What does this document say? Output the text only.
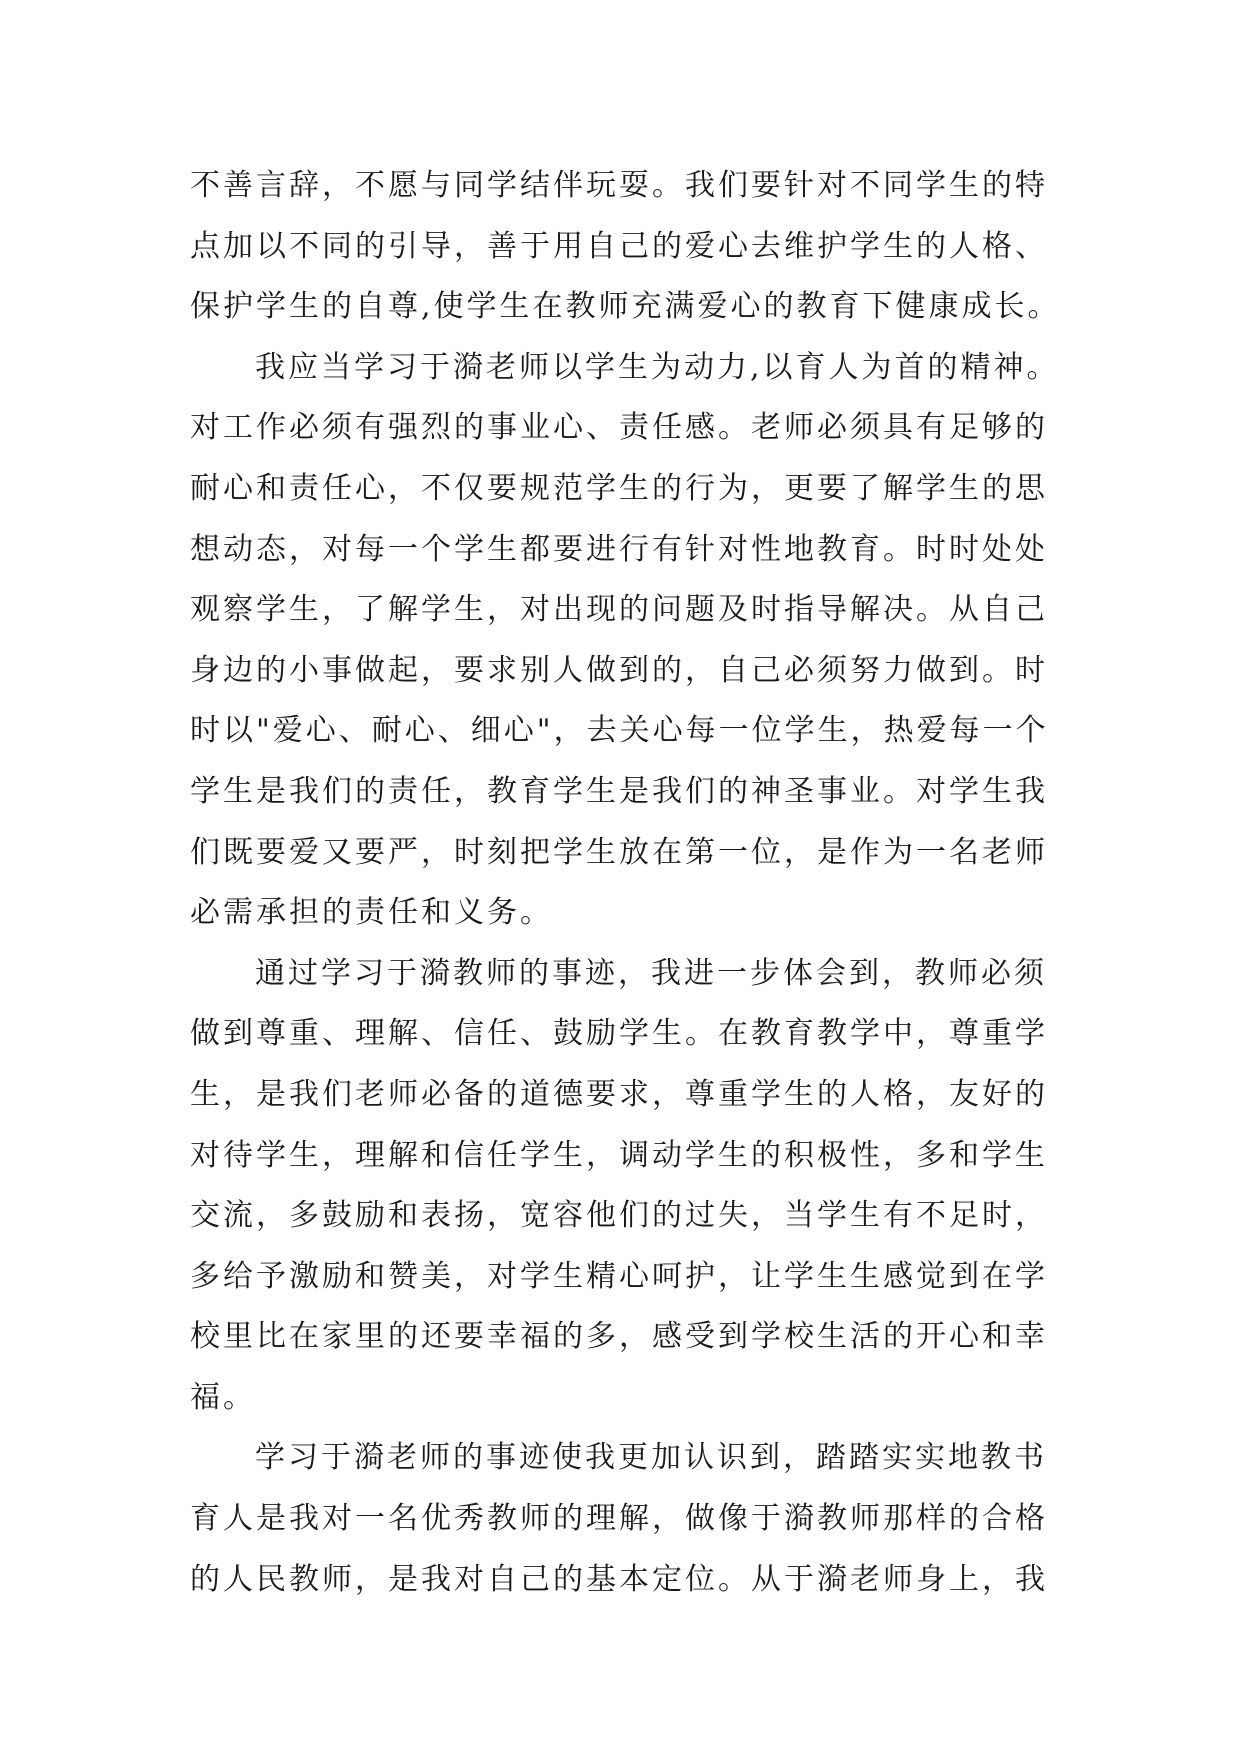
不善言辞，不愿与同学结伴玩耍。我们要针对不同学生的特
点加以不同的引导，善于用自己的爱心去维护学生的人格、
保护学生的自尊,使学生在教师充满爱心的教育下健康成长。
我应当学习于漪老师以学生为动力,以育人为首的精神。
对工作必须有强烈的事业心、责任感。老师必须具有足够的
耐心和责任心，不仅要规范学生的行为，更要了解学生的思
想动态，对每一个学生都要进行有针对性地教育。时时处处
观察学生，了解学生，对出现的问题及时指导解决。从自己
身边的小事做起，要求别人做到的，自己必须努力做到。时
时以"爱心、耐心、细心"，去关心每一位学生，热爱每一个
学生是我们的责任，教育学生是我们的神圣事业。对学生我
们既要爱又要严，时刻把学生放在第一位，是作为一名老师
必需承担的责任和义务。
通过学习于漪教师的事迹，我进一步体会到，教师必须
做到尊重、理解、信任、鼓励学生。在教育教学中，尊重学
生，是我们老师必备的道德要求，尊重学生的人格，友好的
对待学生，理解和信任学生，调动学生的积极性，多和学生
交流，多鼓励和表扬，宽容他们的过失，当学生有不足时，
多给予激励和赞美，对学生精心呵护，让学生生感觉到在学
校里比在家里的还要幸福的多，感受到学校生活的开心和幸
福。
学习于漪老师的事迹使我更加认识到，踏踏实实地教书
育人是我对一名优秀教师的理解，做像于漪教师那样的合格
的人民教师，是我对自己的基本定位。从于漪老师身上，我
